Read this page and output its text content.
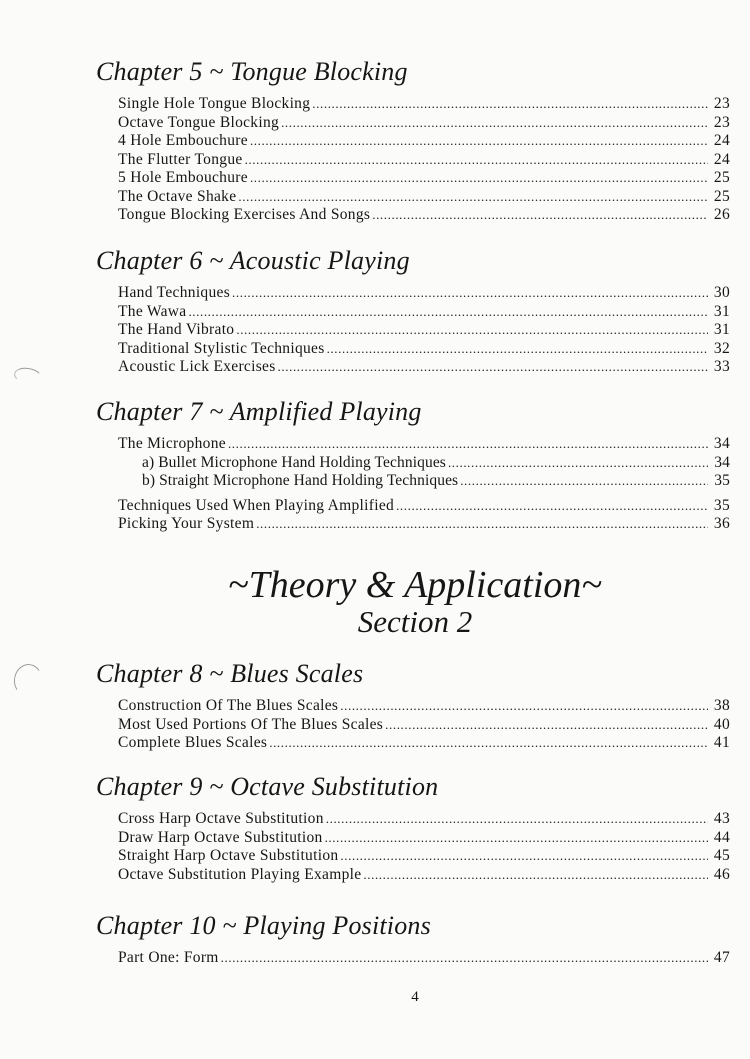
Chapter 5 ~ Tongue Blocking
Single Hole Tongue Blocking .....	23
Octave Tongue Blocking .....	23
4 Hole Embouchure .....	24
The Flutter Tongue .....	24
5 Hole Embouchure .....	25
The Octave Shake .....	25
Tongue Blocking Exercises And Songs .....	26
Chapter 6 ~ Acoustic Playing
Hand Techniques .....	30
The Wawa .....	31
The Hand Vibrato .....	31
Traditional Stylistic Techniques .....	32
Acoustic Lick Exercises .....	33
Chapter 7 ~ Amplified Playing
The Microphone .....	34
a) Bullet Microphone Hand Holding Techniques .....	34
b) Straight Microphone Hand Holding Techniques .....	35
Techniques Used When Playing Amplified .....	35
Picking Your System .....	36
~Theory & Application~
Section 2
Chapter 8 ~ Blues Scales
Construction Of The Blues Scales .....	38
Most Used Portions Of The Blues Scales .....	40
Complete Blues Scales .....	41
Chapter 9 ~ Octave Substitution
Cross Harp Octave Substitution .....	43
Draw Harp Octave Substitution .....	44
Straight Harp Octave Substitution .....	45
Octave Substitution Playing Example .....	46
Chapter 10 ~ Playing Positions
Part One: Form .....	47
4
